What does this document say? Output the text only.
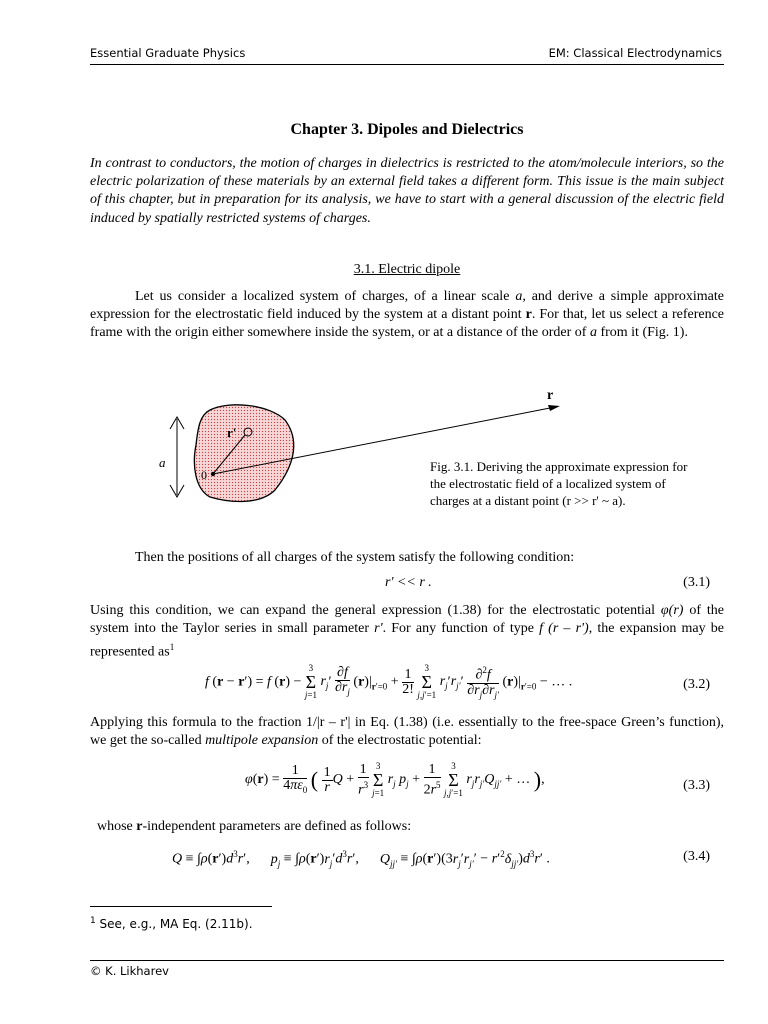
Essential Graduate Physics	EM: Classical Electrodynamics
Chapter 3. Dipoles and Dielectrics
In contrast to conductors, the motion of charges in dielectrics is restricted to the atom/molecule interiors, so the electric polarization of these materials by an external field takes a different form. This issue is the main subject of this chapter, but in preparation for its analysis, we have to start with a general discussion of the electric field induced by spatially restricted systems of charges.
3.1. Electric dipole
Let us consider a localized system of charges, of a linear scale a, and derive a simple approximate expression for the electrostatic field induced by the system at a distant point r. For that, let us select a reference frame with the origin either somewhere inside the system, or at a distance of the order of a from it (Fig. 1).
r
r'
0
a	Fig. 3.1. Deriving the approximate expression for the electrostatic field of a localized system of charges at a distant point (r >> r' ~ a).
Then the positions of all charges of the system satisfy the following condition:
r' << r .	(3.1)
Using this condition, we can expand the general expression (1.38) for the electrostatic potential φ(r) of the system into the Taylor series in small parameter r'. For any function of type f (r – r'), the expansion may be represented $as^1$
f (r − r′) = f (r) − 3
Σ
j=1 $r_j' \frac{\partial f}{\partial r_j} (r)|_{r'=0} + \frac{1}{2!} 3$
Σ
j,j′=1 $r_j'r_{j'}' \frac{\partial^2f}{\partial r_j\partial r_{j'}} (r)|_{r'=0}$ − … .	(3.2)
Applying this formula to the fraction 1/|r – r'| in Eq. (1.38) (i.e. essentially to the free-space Green’s function), we get the so-called multipole expansion of the electrostatic potential:
$\varphi(r) = \frac{1}{4\pi\varepsilon_0}$ ( $\frac{1}{r}$ $Q + \frac{1}{r^3} 3$
Σ
j=1 $r_j$ $p_j + \frac{1}{2r^5} 3$
Σ
j,j′=1 $r_jr_{j'}Q_{jj'}$ + … ),	(3.3)
whose r-independent parameters are defined as follows:
$Q \equiv \int\rho(r')d^3r'$,      $p_j \equiv \int\rho(r')r_j'd^3r'$,      $Q_{jj'} \equiv \int\rho(r')(3r_j'r_{j'}' - r'^2\delta_{jj'})d^3r'$ .	(3.4)
$^1$ See, e.g., MA Eq. (2.11b).
© K. Likharev
